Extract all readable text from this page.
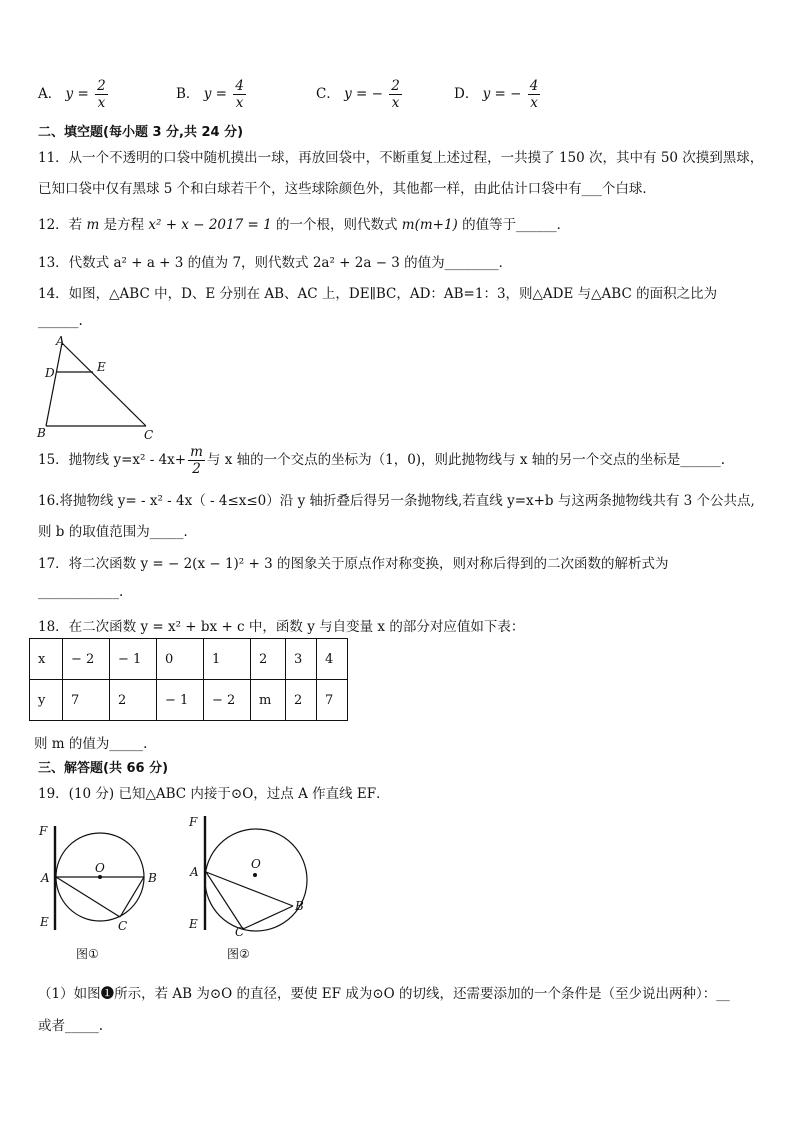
A． $y = \frac{2}{x}$	B． $y = \frac{4}{x}$	C． y = − $\frac{2}{x}$	D． y = − $\frac{4}{x}$
二、填空题(每小题 3 分,共 24 分)
11．从一个不透明的口袋中随机摸出一球，再放回袋中，不断重复上述过程，一共摸了 150 次，其中有 50 次摸到黑球，
已知口袋中仅有黑球 5 个和白球若干个，这些球除颜色外，其他都一样，由此估计口袋中有___个白球．
12．若 m 是方程 x² + x − 2017 = 1 的一个根，则代数式 m(m+1) 的值等于______．
13．代数式 a² + a + 3 的值为 7，则代数式 2a² + 2a − 3 的值为________．
14．如图，△ABC 中，D、E 分别在 AB、AC 上，DE∥BC，AD：AB=1：3，则△ADE 与△ABC 的面积之比为
______.
A
D	E
B	C
15．抛物线 $y=x^2 - 4x+ \frac{m}{2}$ 与 x 轴的一个交点的坐标为（1，0)，则此抛物线与 x 轴的另一个交点的坐标是______.
16.将抛物线 y= - x² - 4x（ - 4≤x≤0）沿 y 轴折叠后得另一条抛物线,若直线 y=x+b 与这两条抛物线共有 3 个公共点,
则 b 的取值范围为_____．
17．将二次函数 y = − 2(x − 1)² + 3 的图象关于原点作对称变换，则对称后得到的二次函数的解析式为
____________.
18．在二次函数 y = x² + bx + c 中，函数 y 与自变量 x 的部分对应值如下表：
x	− 2	− 1	0	1	2	3	4
y	7	2	− 1	− 2	m	2	7
则 m 的值为_____.
三、解答题(共 66 分)
19．(10 分) 已知△ABC 内接于⊙O，过点 A 作直线 EF．
F
A
E
O
B
C
图①
F
A
E
O
B
C
图②
（1）如图❶所示，若 AB 为⊙O 的直径，要使 EF 成为⊙O 的切线，还需要添加的一个条件是（至少说出两种）：__
或者_____.
